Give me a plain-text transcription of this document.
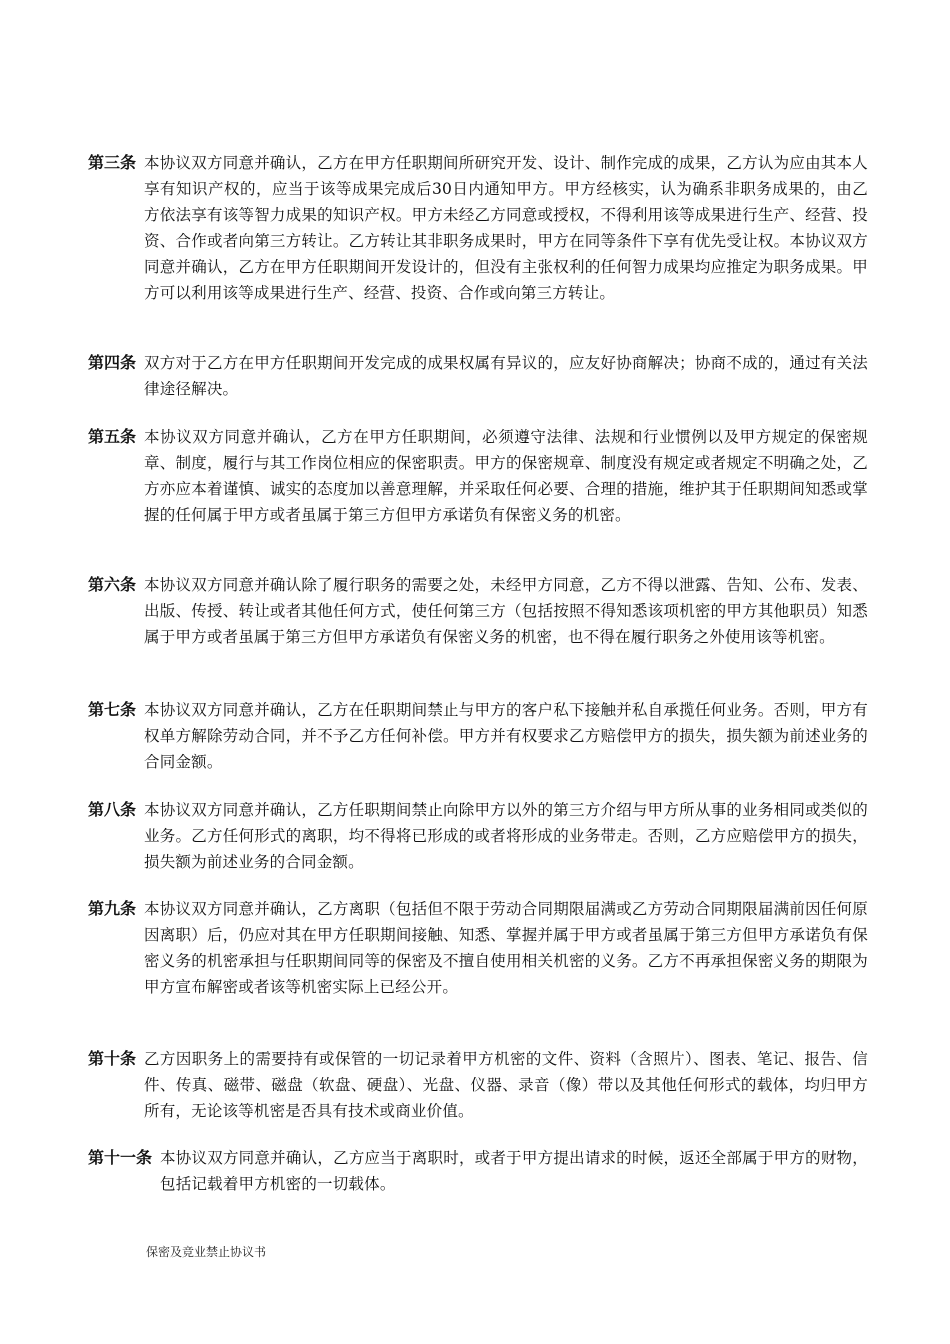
第三条 本协议双方同意并确认，乙方在甲方任职期间所研究开发、设计、制作完成的成果，乙方认为应由其本人享有知识产权的，应当于该等成果完成后30日内通知甲方。甲方经核实，认为确系非职务成果的，由乙方依法享有该等智力成果的知识产权。甲方未经乙方同意或授权，不得利用该等成果进行生产、经营、投资、合作或者向第三方转让。乙方转让其非职务成果时，甲方在同等条件下享有优先受让权。本协议双方同意并确认，乙方在甲方任职期间开发设计的，但没有主张权利的任何智力成果均应推定为职务成果。甲方可以利用该等成果进行生产、经营、投资、合作或向第三方转让。
第四条 双方对于乙方在甲方任职期间开发完成的成果权属有异议的，应友好协商解决；协商不成的，通过有关法律途径解决。
第五条 本协议双方同意并确认，乙方在甲方任职期间，必须遵守法律、法规和行业惯例以及甲方规定的保密规章、制度，履行与其工作岗位相应的保密职责。甲方的保密规章、制度没有规定或者规定不明确之处，乙方亦应本着谨慎、诚实的态度加以善意理解，并采取任何必要、合理的措施，维护其于任职期间知悉或掌握的任何属于甲方或者虽属于第三方但甲方承诺负有保密义务的机密。
第六条 本协议双方同意并确认除了履行职务的需要之处，未经甲方同意，乙方不得以泄露、告知、公布、发表、出版、传授、转让或者其他任何方式，使任何第三方（包括按照不得知悉该项机密的甲方其他职员）知悉属于甲方或者虽属于第三方但甲方承诺负有保密义务的机密，也不得在履行职务之外使用该等机密。
第七条 本协议双方同意并确认，乙方在任职期间禁止与甲方的客户私下接触并私自承揽任何业务。否则，甲方有权单方解除劳动合同，并不予乙方任何补偿。甲方并有权要求乙方赔偿甲方的损失，损失额为前述业务的合同金额。
第八条 本协议双方同意并确认，乙方任职期间禁止向除甲方以外的第三方介绍与甲方所从事的业务相同或类似的业务。乙方任何形式的离职，均不得将已形成的或者将形成的业务带走。否则，乙方应赔偿甲方的损失，损失额为前述业务的合同金额。
第九条 本协议双方同意并确认，乙方离职（包括但不限于劳动合同期限届满或乙方劳动合同期限届满前因任何原因离职）后，仍应对其在甲方任职期间接触、知悉、掌握并属于甲方或者虽属于第三方但甲方承诺负有保密义务的机密承担与任职期间同等的保密及不擅自使用相关机密的义务。乙方不再承担保密义务的期限为甲方宣布解密或者该等机密实际上已经公开。
第十条 乙方因职务上的需要持有或保管的一切记录着甲方机密的文件、资料（含照片）、图表、笔记、报告、信件、传真、磁带、磁盘（软盘、硬盘）、光盘、仪器、录音（像）带以及其他任何形式的载体，均归甲方所有，无论该等机密是否具有技术或商业价值。
第十一条 本协议双方同意并确认，乙方应当于离职时，或者于甲方提出请求的时候，返还全部属于甲方的财物，包括记载着甲方机密的一切载体。
保密及竞业禁止协议书
